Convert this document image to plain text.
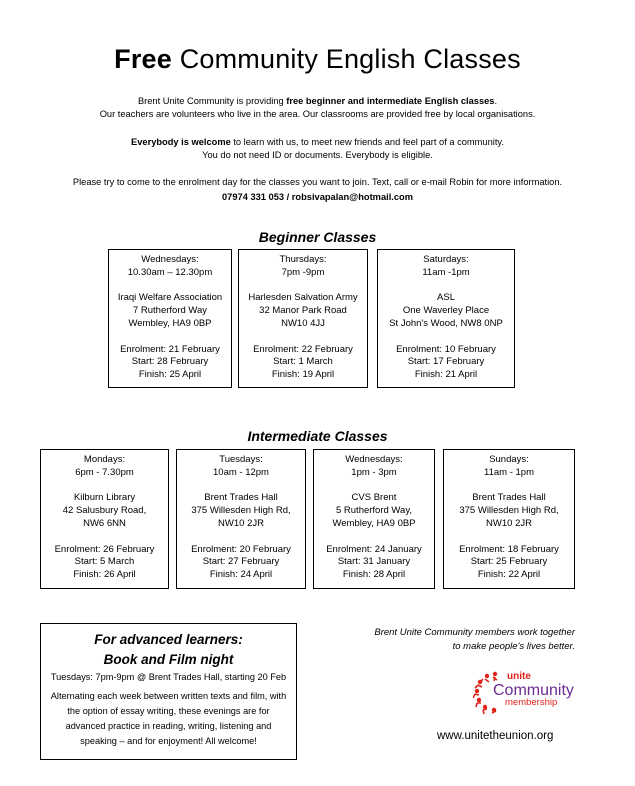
Free Community English Classes
Brent Unite Community is providing free beginner and intermediate English classes.
Our teachers are volunteers who live in the area. Our classrooms are provided free by local organisations.
Everybody is welcome to learn with us, to meet new friends and feel part of a community.
You do not need ID or documents. Everybody is eligible.
Please try to come to the enrolment day for the classes you want to join. Text, call or e-mail Robin for more information.
07974 331 053 / robsivapalan@hotmail.com
Beginner Classes
Wednesdays:
10.30am – 12.30pm
Iraqi Welfare Association
7 Rutherford Way
Wembley, HA9 0BP
Enrolment: 21 February
Start: 28 February
Finish: 25 April
Thursdays:
7pm -9pm
Harlesden Salvation Army
32 Manor Park Road
NW10 4JJ
Enrolment: 22 February
Start: 1 March
Finish: 19 April
Saturdays:
11am -1pm
ASL
One Waverley Place
St John's Wood, NW8 0NP
Enrolment: 10 February
Start: 17 February
Finish: 21 April
Intermediate Classes
Mondays:
6pm - 7.30pm
Kilburn Library
42 Salusbury Road,
NW6 6NN
Enrolment: 26 February
Start: 5 March
Finish: 26 April
Tuesdays:
10am - 12pm
Brent Trades Hall
375 Willesden High Rd,
NW10 2JR
Enrolment: 20 February
Start: 27 February
Finish: 24 April
Wednesdays:
1pm - 3pm
CVS Brent
5 Rutherford Way,
Wembley, HA9 0BP
Enrolment: 24 January
Start: 31 January
Finish: 28 April
Sundays:
11am - 1pm
Brent Trades Hall
375 Willesden High Rd,
NW10 2JR
Enrolment: 18 February
Start: 25 February
Finish: 22 April
For advanced learners:
Book and Film night
Tuesdays: 7pm-9pm @ Brent Trades Hall, starting 20 Feb
Alternating each week between written texts and film, with
the option of essay writing, these evenings are for
advanced practice in reading, writing, listening and
speaking – and for enjoyment! All welcome!
Brent Unite Community members work together
to make people's lives better.
unite
Community
membership
www.unitetheunion.org
